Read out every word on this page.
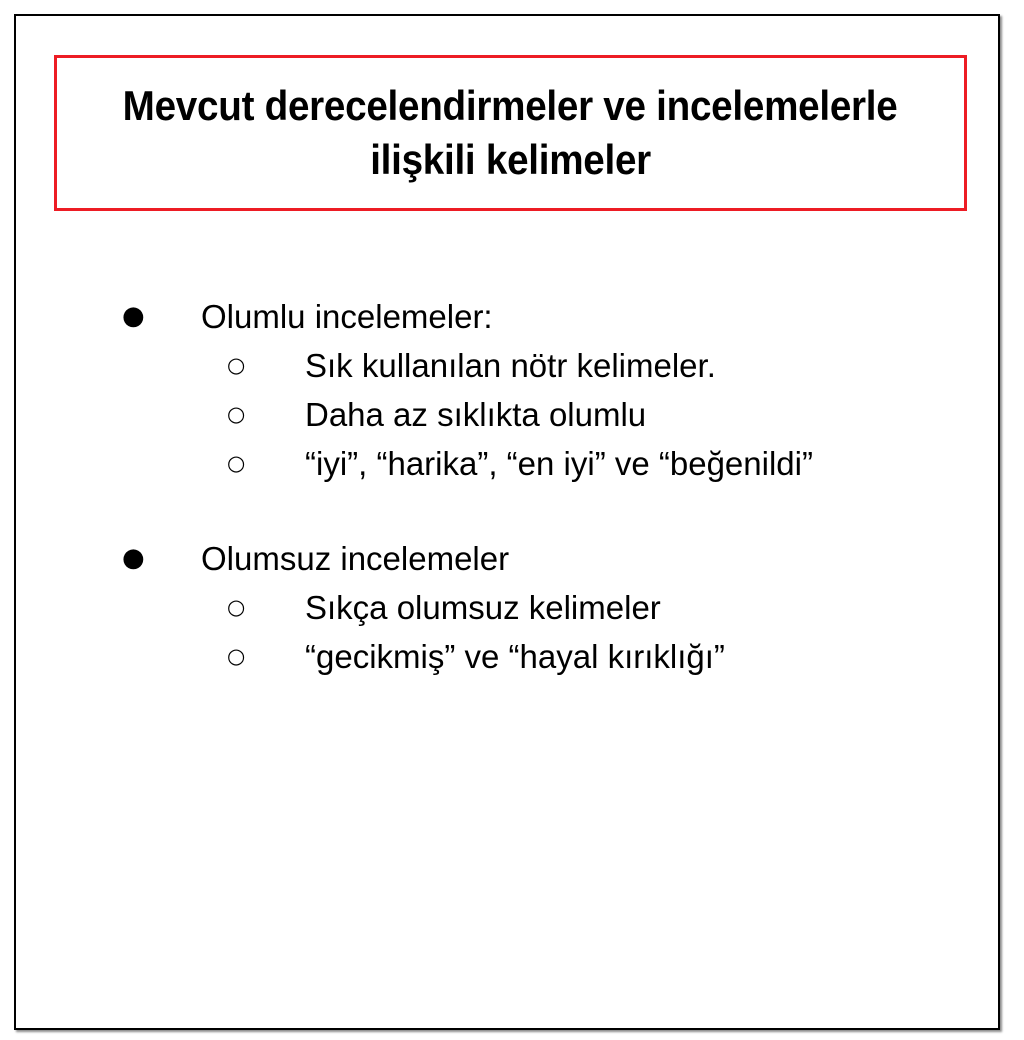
Mevcut derecelendirmeler ve incelemelerle
ilişkili kelimeler
● Olumlu incelemeler:
○ Sık kullanılan nötr kelimeler.
○ Daha az sıklıkta olumlu
○ “iyi”, “harika”, “en iyi” ve “beğenildi”
● Olumsuz incelemeler
○ Sıkça olumsuz kelimeler
○ “gecikmiş” ve “hayal kırıklığı”
